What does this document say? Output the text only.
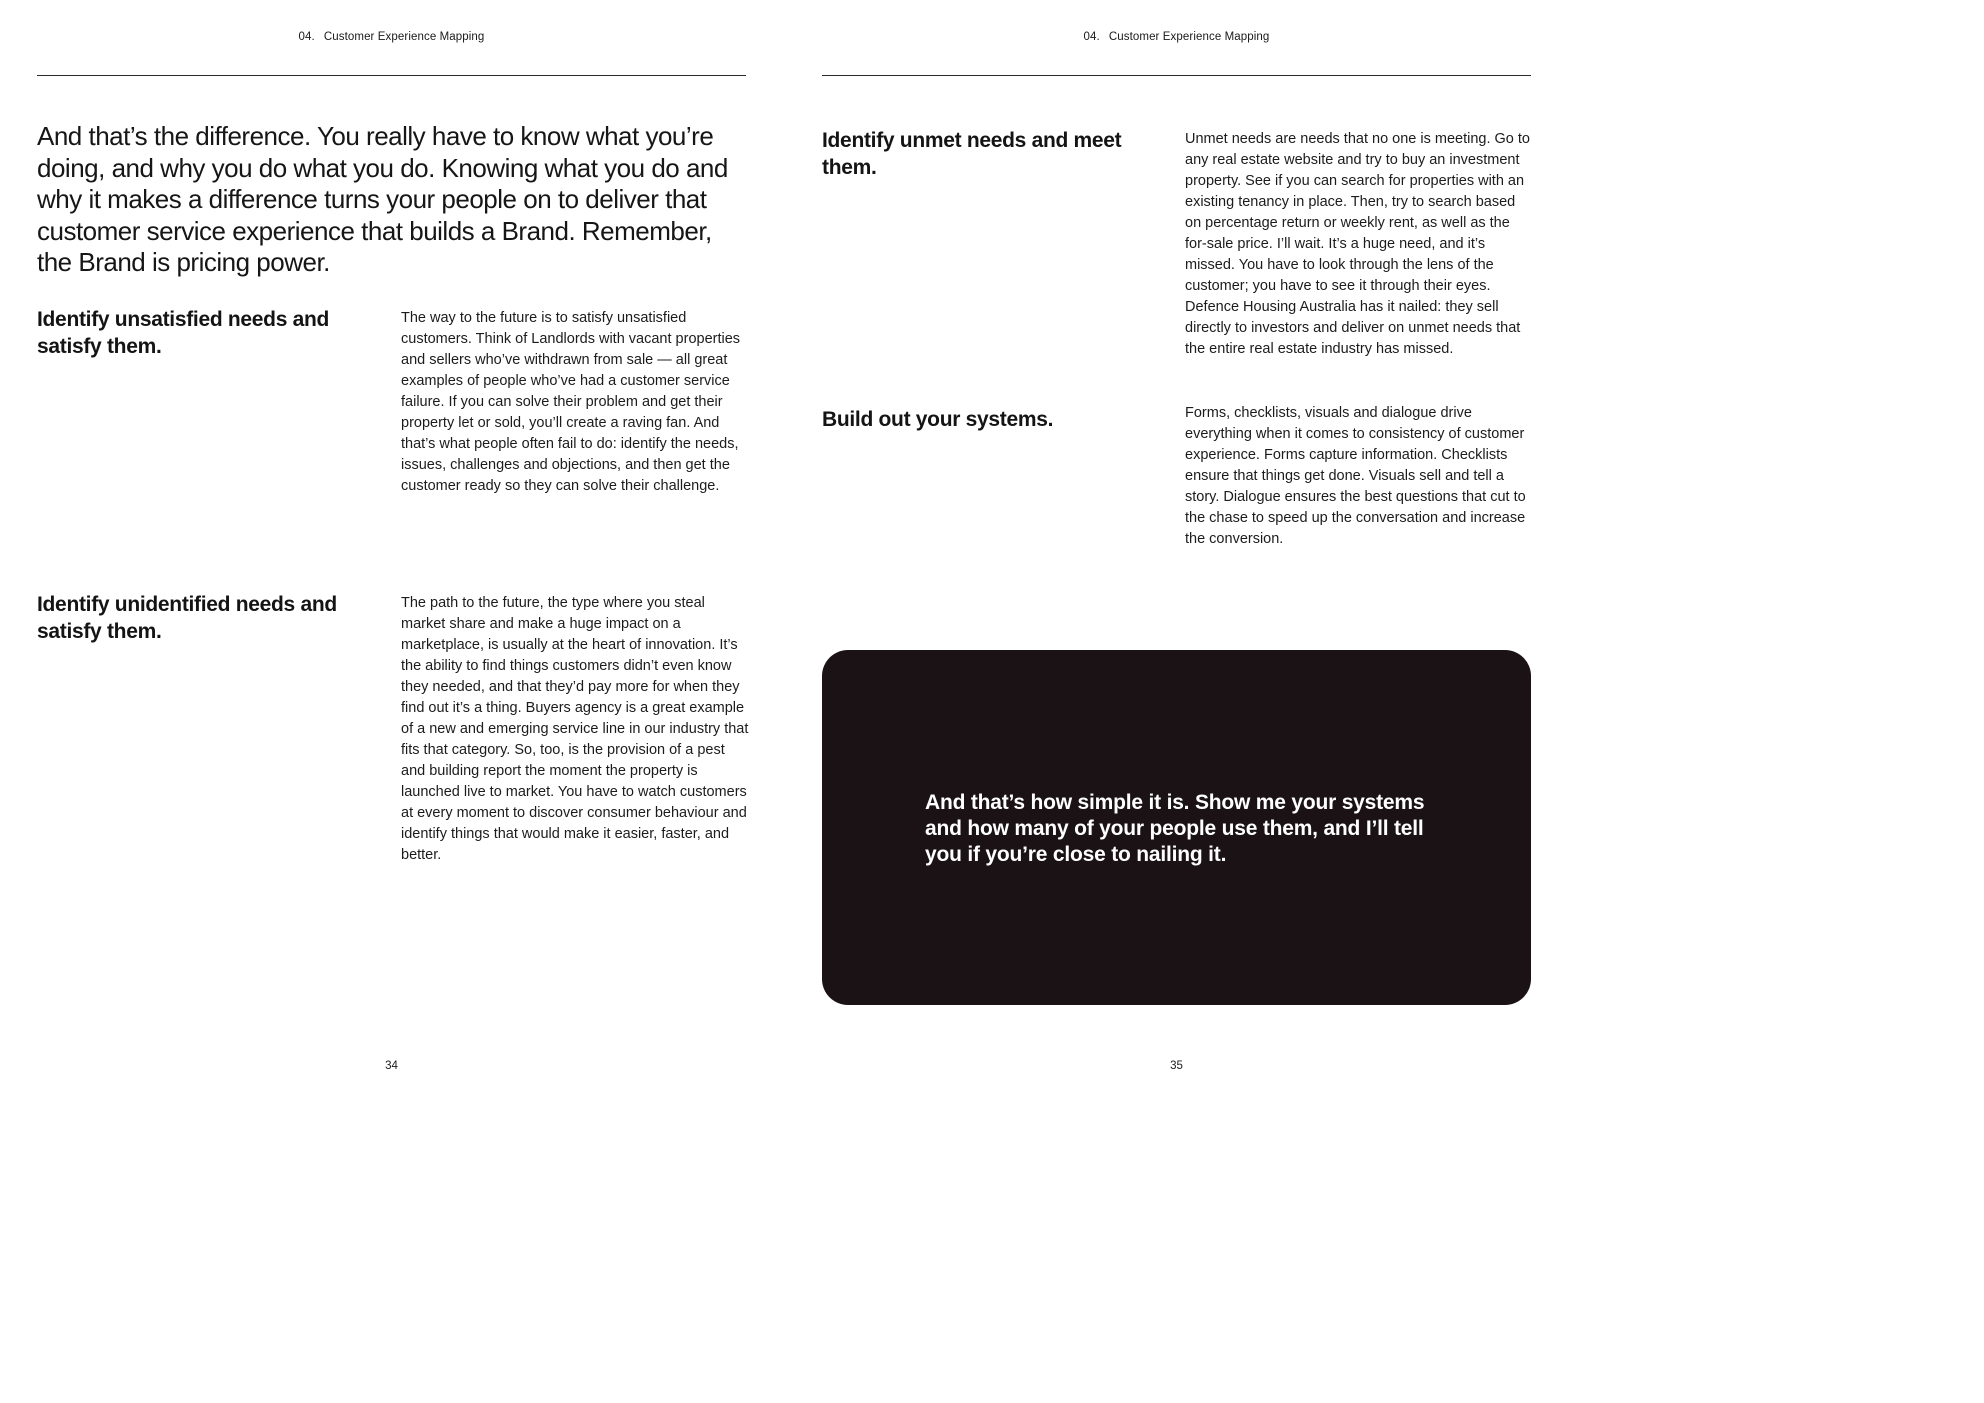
04. Customer Experience Mapping
And that’s the difference. You really have to know what you’re doing, and why you do what you do. Knowing what you do and why it makes a difference turns your people on to deliver that customer service experience that builds a Brand. Remember, the Brand is pricing power.
Identify unsatisfied needs and satisfy them.
The way to the future is to satisfy unsatisfied customers. Think of Landlords with vacant properties and sellers who’ve withdrawn from sale — all great examples of people who’ve had a customer service failure. If you can solve their problem and get their property let or sold, you’ll create a raving fan. And that’s what people often fail to do: identify the needs, issues, challenges and objections, and then get the customer ready so they can solve their challenge.
Identify unidentified needs and satisfy them.
The path to the future, the type where you steal market share and make a huge impact on a marketplace, is usually at the heart of innovation. It’s the ability to find things customers didn’t even know they needed, and that they’d pay more for when they find out it’s a thing. Buyers agency is a great example of a new and emerging service line in our industry that fits that category. So, too, is the provision of a pest and building report the moment the property is launched live to market. You have to watch customers at every moment to discover consumer behaviour and identify things that would make it easier, faster, and better.
34
04. Customer Experience Mapping
Identify unmet needs and meet them.
Unmet needs are needs that no one is meeting. Go to any real estate website and try to buy an investment property. See if you can search for properties with an existing tenancy in place. Then, try to search based on percentage return or weekly rent, as well as the for-sale price. I’ll wait. It’s a huge need, and it’s missed. You have to look through the lens of the customer; you have to see it through their eyes. Defence Housing Australia has it nailed: they sell directly to investors and deliver on unmet needs that the entire real estate industry has missed.
Build out your systems.	Forms, checklists, visuals and dialogue drive everything when it comes to consistency of customer experience. Forms capture information. Checklists ensure that things get done. Visuals sell and tell a story. Dialogue ensures the best questions that cut to the chase to speed up the conversation and increase the conversion.
And that’s how simple it is. Show me your systems and how many of your people use them, and I’ll tell you if you’re close to nailing it.
35
